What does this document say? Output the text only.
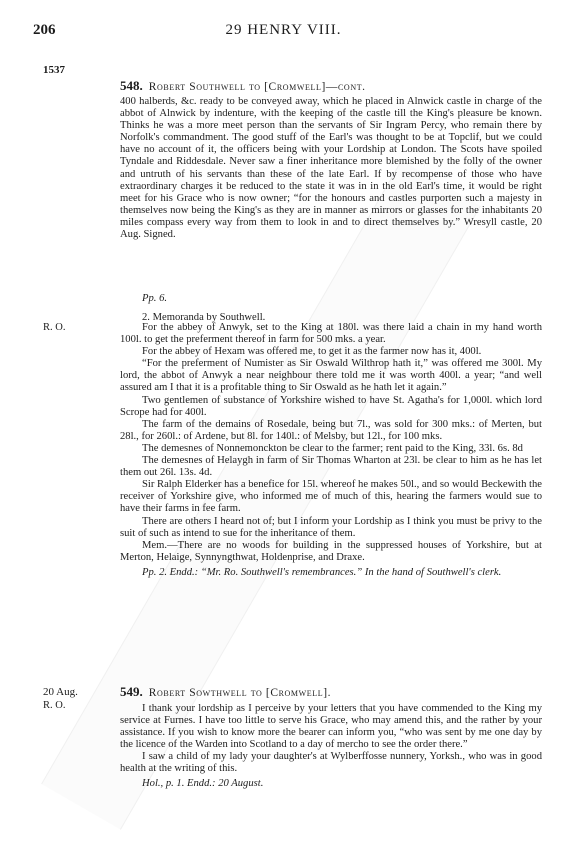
206	29 HENRY VIII.
1537
548. Robert Southwell to [Cromwell]—cont.

400 halberds, &c. ready to be conveyed away, which he placed in Alnwick castle in charge of the abbot of Alnwick by indenture, with the keeping of the castle till the King's pleasure be known. Thinks he was a more meet person than the servants of Sir Ingram Percy, who remain there by Norfolk's commandment. The good stuff of the Earl's was thought to be at Topclif, but we could have no account of it, the officers being with your Lordship at London. The Scots have spoiled Tyndale and Riddesdale. Never saw a finer inheritance more blemished by the folly of the owner and untruth of his servants than these of the late Earl. If by recompense of those who have extraordinary charges it be reduced to the state it was in in the old Earl's time, it would be right meet for his Grace who is now owner; “for the honours and castles purporten such a majesty in themselves now being the King's as they are in manner as mirrors or glasses for the inhabitants 20 miles compass every way from them to look in and to direct themselves by.” Wresyll castle, 20 Aug. Signed.

Pp. 6.
2. Memoranda by Southwell.
R. O.	For the abbey of Anwyk, set to the King at 180l. was there laid a chain in my hand worth 100l. to get the preferment thereof in farm for 500 mks. a year.

For the abbey of Hexam was offered me, to get it as the farmer now has it, 400l.

“For the preferment of Numister as Sir Oswald Wilthrop hath it,” was offered me 300l. My lord, the abbot of Anwyk a near neighbour there told me it was worth 400l. a year; “and well assured am I that it is a profitable thing to Sir Oswald as he hath let it again.”

Two gentlemen of substance of Yorkshire wished to have St. Agatha's for 1,000l. which lord Scrope had for 400l.

The farm of the demains of Rosedale, being but 7l., was sold for 300 mks.: of Merten, but 28l., for 260l.: of Ardene, but 8l. for 140l.: of Melsby, but 12l., for 100 mks.

The demesnes of Nonnemonckton be clear to the farmer; rent paid to the King, 33l. 6s. 8d

The demesnes of Helaygh in farm of Sir Thomas Wharton at 23l. be clear to him as he has let them out 26l. 13s. 4d.

Sir Ralph Elderker has a benefice for 15l. whereof he makes 50l., and so would Beckewith the receiver of Yorkshire give, who informed me of much of this, hearing the farmers would sue to have their farms in fee farm.

There are others I heard not of; but I inform your Lordship as I think you must be privy to the suit of such as intend to sue for the inheritance of them.

Mem.—There are no woods for building in the suppressed houses of Yorkshire, but at Merton, Helaige, Synnyngthwat, Holdenprise, and Draxe.

Pp. 2. Endd.: “Mr. Ro. Southwell's remembrances.” In the hand of Southwell's clerk.

20 Aug.
R. O.
549. Robert Sowthwell to [Cromwell].

I thank your lordship as I perceive by your letters that you have commended to the King my service at Furnes. I have too little to serve his Grace, who may amend this, and the rather by your assistance. If you wish to know more the bearer can inform you, “who was sent by me one day by the licence of the Warden into Scotland to a day of mercho to see the order there.”

I saw a child of my lady your daughter's at Wylberffosse nunnery, Yorksh., who was in good health at the writing of this.

Hol., p. 1. Endd.: 20 August.
